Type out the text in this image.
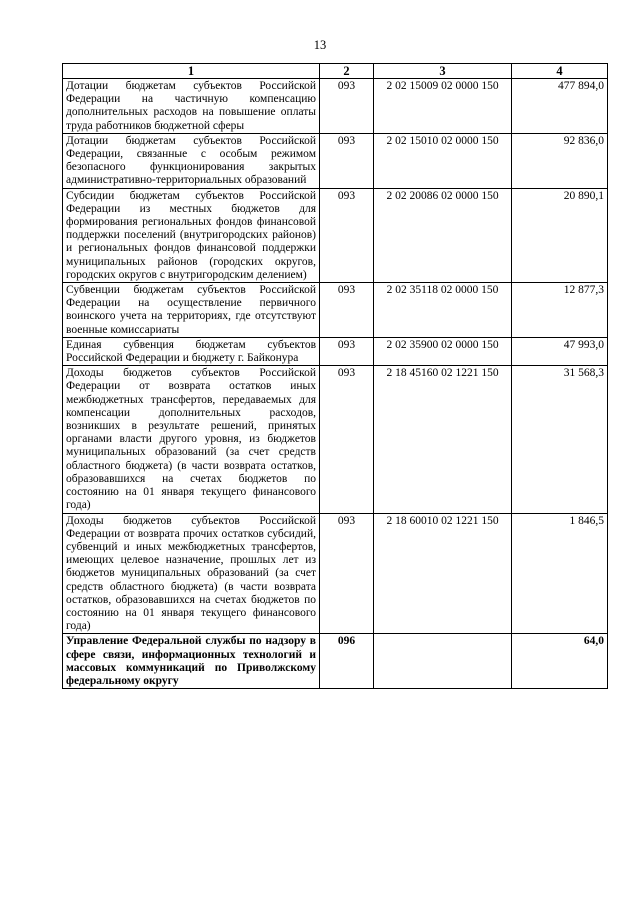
13
1	2	3	4
Дотации бюджетам субъектов Российской Федерации на частичную компенсацию дополнительных расходов на повышение оплаты труда работников бюджетной сферы	093	2 02 15009 02 0000 150	477 894,0
Дотации бюджетам субъектов Российской Федерации, связанные с особым режимом безопасного функционирования закрытых административно-территориальных образований	093	2 02 15010 02 0000 150	92 836,0
Субсидии бюджетам субъектов Российской Федерации из местных бюджетов для формирования региональных фондов финансовой поддержки поселений (внутригородских районов) и региональных фондов финансовой поддержки муниципальных районов (городских округов, городских округов с внутригородским делением)	093	2 02 20086 02 0000 150	20 890,1
Субвенции бюджетам субъектов Российской Федерации на осуществление первичного воинского учета на территориях, где отсутствуют военные комиссариаты	093	2 02 35118 02 0000 150	12 877,3
Единая субвенция бюджетам субъектов Российской Федерации и бюджету г. Байконура	093	2 02 35900 02 0000 150	47 993,0
Доходы бюджетов субъектов Российской Федерации от возврата остатков иных межбюджетных трансфертов, передаваемых для компенсации дополнительных расходов, возникших в результате решений, принятых органами власти другого уровня, из бюджетов муниципальных образований (за счет средств областного бюджета) (в части возврата остатков, образовавшихся на счетах бюджетов по состоянию на 01 января текущего финансового года)	093	2 18 45160 02 1221 150	31 568,3
Доходы бюджетов субъектов Российской Федерации от возврата прочих остатков субсидий, субвенций и иных межбюджетных трансфертов, имеющих целевое назначение, прошлых лет из бюджетов муниципальных образований (за счет средств областного бюджета) (в части возврата остатков, образовавшихся на счетах бюджетов по состоянию на 01 января текущего финансового года)	093	2 18 60010 02 1221 150	1 846,5
Управление Федеральной службы по надзору в сфере связи, информационных технологий и массовых коммуникаций по Приволжскому федеральному округу	096		64,0
